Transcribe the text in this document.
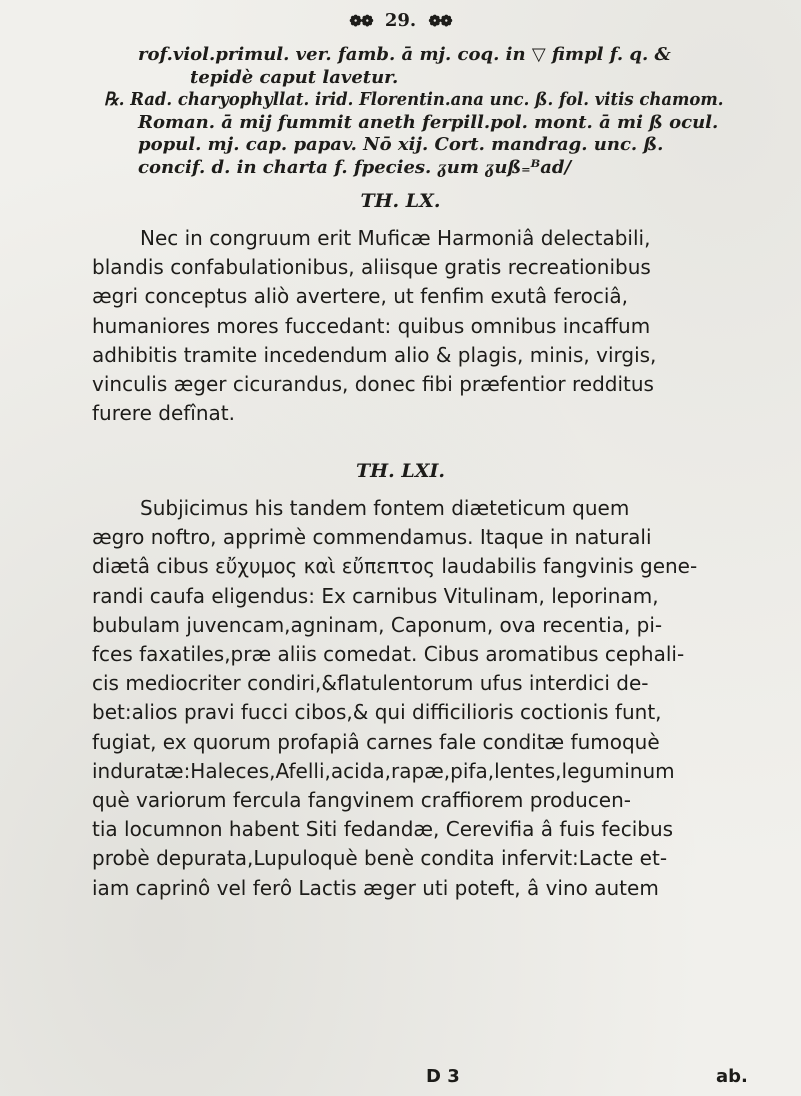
❁❁ 29. ❁❁

rof.viol.primul. ver. famb. ā mj. coq. in ▽ fimpl f. q. &

tepidè caput lavetur.

℞. Rad. charyophyllat. irid. Florentin.ana unc. ß. fol. vitis chamom.

Roman. ā mij fummit aneth ferpill.pol. mont. ā mi ß ocul.

popul. mj. cap. papav. Nō xij. Cort. mandrag. unc. ß.

concif. d. in charta f. fpecies. ᵹum ᵹuß₌ᴮad/

TH. LX.

Nec in congruum erit Muficæ Harmoniâ delectabili,

blandis confabulationibus, aliisque gratis recreationibus

ægri conceptus aliò avertere, ut fenfim exutâ ferociâ,

humaniores mores fuccedant: quibus omnibus incaffum

adhibitis tramite incedendum alio & plagis, minis, virgis,

vinculis æger cicurandus, donec fibi præfentior redditus

furere defînat.

TH. LXI.

Subjicimus his tandem fontem diæteticum quem

ægro noftro, apprimè commendamus. Itaque in naturali

diætâ cibus εὔχυμος καὶ εὔπεπτος laudabilis fangvinis gene-

randi caufa eligendus: Ex carnibus Vitulinam, leporinam,

bubulam juvencam,agninam, Caponum, ova recentia, pi-

fces faxatiles,præ aliis comedat. Cibus aromatibus cephali-

cis mediocriter condiri,&flatulentorum ufus interdici de-

bet:alios pravi fucci cibos,& qui difficilioris coctionis funt,

fugiat, ex quorum profapiâ carnes fale conditæ fumoquè

induratæ:Haleces,Afelli,acida,rapæ,pifa,lentes,leguminum

què variorum fercula fangvinem craffiorem producen-

tia locumnon habent Siti fedandæ, Cerevifia â fuis fecibus

probè depurata,Lupuloquè benè condita infervit:Lacte et-

iam caprinô vel ferô Lactis æger uti poteft, â vino autem

D 3	ab.
